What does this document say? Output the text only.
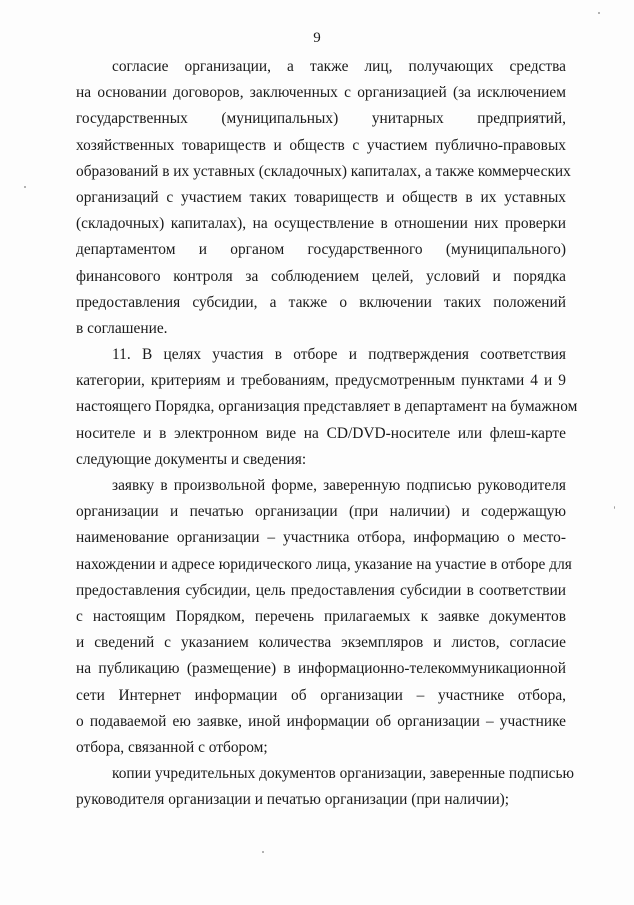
9
согласие организации, а также лиц, получающих средства
на основании договоров, заключенных с организацией (за исключением
государственных (муниципальных) унитарных предприятий,
хозяйственных товариществ и обществ с участием публично-правовых
образований в их уставных (складочных) капиталах, а также коммерческих
организаций с участием таких товариществ и обществ в их уставных
(складочных) капиталах), на осуществление в отношении них проверки
департаментом и органом государственного (муниципального)
финансового контроля за соблюдением целей, условий и порядка
предоставления субсидии, а также о включении таких положений
в соглашение.
11. В целях участия в отборе и подтверждения соответствия
категории, критериям и требованиям, предусмотренным пунктами 4 и 9
настоящего Порядка, организация представляет в департамент на бумажном
носителе и в электронном виде на CD/DVD-носителе или флеш-карте
следующие документы и сведения:
заявку в произвольной форме, заверенную подписью руководителя
организации и печатью организации (при наличии) и содержащую
наименование организации – участника отбора, информацию о место-
нахождении и адресе юридического лица, указание на участие в отборе для
предоставления субсидии, цель предоставления субсидии в соответствии
с настоящим Порядком, перечень прилагаемых к заявке документов
и сведений с указанием количества экземпляров и листов, согласие
на публикацию (размещение) в информационно-телекоммуникационной
сети Интернет информации об организации – участнике отбора,
о подаваемой ею заявке, иной информации об организации – участнике
отбора, связанной с отбором;
копии учредительных документов организации, заверенные подписью
руководителя организации и печатью организации (при наличии);
